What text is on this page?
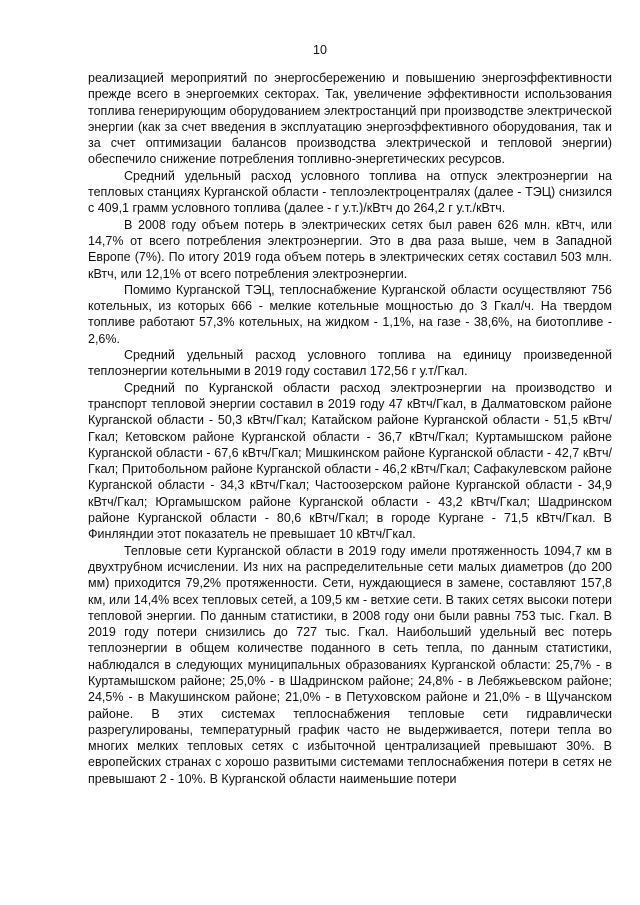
10

реализацией мероприятий по энергосбережению и повышению энергоэффективности прежде всего в энергоемких секторах. Так, увеличение эффективности использования топлива генерирующим оборудованием электростанций при производстве электрической энергии (как за счет введения в эксплуатацию энергоэффективного оборудования, так и за счет оптимизации балансов производства электрической и тепловой энергии) обеспечило снижение потребления топливно-энергетических ресурсов.

Средний удельный расход условного топлива на отпуск электроэнергии на тепловых станциях Курганской области - теплоэлектроцентралях (далее - ТЭЦ) снизился с 409,1 грамм условного топлива (далее - г у.т.)/кВтч до 264,2 г у.т./кВтч.

В 2008 году объем потерь в электрических сетях был равен 626 млн. кВтч, или 14,7% от всего потребления электроэнергии. Это в два раза выше, чем в Западной Европе (7%). По итогу 2019 года объем потерь в электрических сетях составил 503 млн. кВтч, или 12,1% от всего потребления электроэнергии.

Помимо Курганской ТЭЦ, теплоснабжение Курганской области осуществляют 756 котельных, из которых 666 - мелкие котельные мощностью до 3 Гкал/ч. На твердом топливе работают 57,3% котельных, на жидком - 1,1%, на газе - 38,6%, на биотопливе - 2,6%.

Средний удельный расход условного топлива на единицу произведенной теплоэнергии котельными в 2019 году составил 172,56 г у.т/Гкал.

Средний по Курганской области расход электроэнергии на производство и транспорт тепловой энергии составил в 2019 году 47 кВтч/Гкал, в Далматовском районе Курганской области - 50,3 кВтч/Гкал; Катайском районе Курганской области - 51,5 кВтч/Гкал; Кетовском районе Курганской области - 36,7 кВтч/Гкал; Куртамышском районе Курганской области - 67,6 кВтч/Гкал; Мишкинском районе Курганской области - 42,7 кВтч/Гкал; Притобольном районе Курганской области - 46,2 кВтч/Гкал; Сафакулевском районе Курганской области - 34,3 кВтч/Гкал; Частоозерском районе Курганской области - 34,9 кВтч/Гкал; Юргамышском районе Курганской области - 43,2 кВтч/Гкал; Шадринском районе Курганской области - 80,6 кВтч/Гкал; в городе Кургане - 71,5 кВтч/Гкал. В Финляндии этот показатель не превышает 10 кВтч/Гкал.

Тепловые сети Курганской области в 2019 году имели протяженность 1094,7 км в двухтрубном исчислении. Из них на распределительные сети малых диаметров (до 200 мм) приходится 79,2% протяженности. Сети, нуждающиеся в замене, составляют 157,8 км, или 14,4% всех тепловых сетей, а 109,5 км - ветхие сети. В таких сетях высоки потери тепловой энергии. По данным статистики, в 2008 году они были равны 753 тыс. Гкал. В 2019 году потери снизились до 727 тыс. Гкал. Наибольший удельный вес потерь теплоэнергии в общем количестве поданного в сеть тепла, по данным статистики, наблюдался в следующих муниципальных образованиях Курганской области: 25,7% - в Куртамышском районе; 25,0% - в Шадринском районе; 24,8% - в Лебяжьевском районе; 24,5% - в Макушинском районе; 21,0% - в Петуховском районе и 21,0% - в Щучанском районе. В этих системах теплоснабжения тепловые сети гидравлически разрегулированы, температурный график часто не выдерживается, потери тепла во многих мелких тепловых сетях с избыточной централизацией превышают 30%. В европейских странах с хорошо развитыми системами теплоснабжения потери в сетях не превышают 2 - 10%. В Курганской области наименьшие потери
